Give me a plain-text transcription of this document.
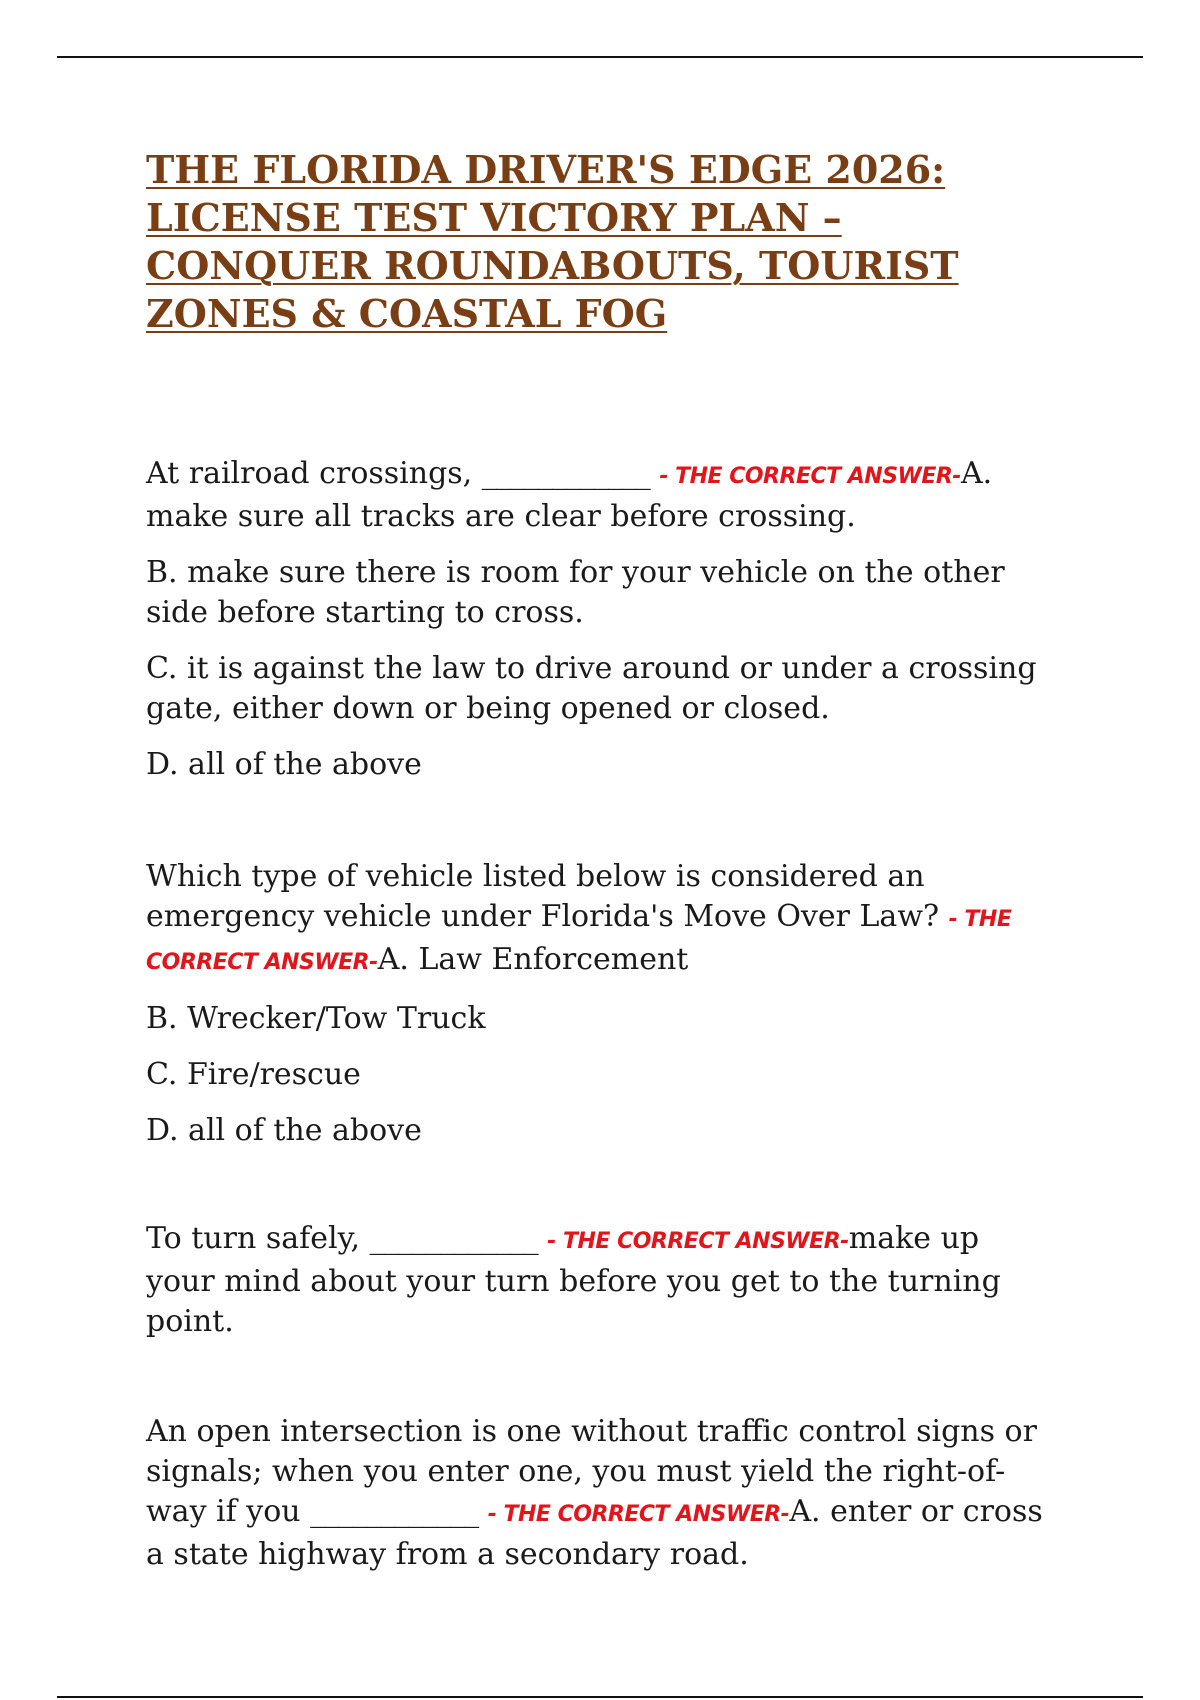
THE FLORIDA DRIVER'S EDGE 2026: LICENSE TEST VICTORY PLAN – CONQUER ROUNDABOUTS, TOURIST ZONES & COASTAL FOG

At railroad crossings, ____________ - THE CORRECT ANSWER-A. make sure all tracks are clear before crossing.

B. make sure there is room for your vehicle on the other side before starting to cross.

C. it is against the law to drive around or under a crossing gate, either down or being opened or closed.

D. all of the above

Which type of vehicle listed below is considered an emergency vehicle under Florida's Move Over Law? - THE CORRECT ANSWER-A. Law Enforcement

B. Wrecker/Tow Truck

C. Fire/rescue

D. all of the above

To turn safely, ____________ - THE CORRECT ANSWER-make up your mind about your turn before you get to the turning point.

An open intersection is one without traffic control signs or signals; when you enter one, you must yield the right-of-way if you ____________ - THE CORRECT ANSWER-A. enter or cross a state highway from a secondary road.
